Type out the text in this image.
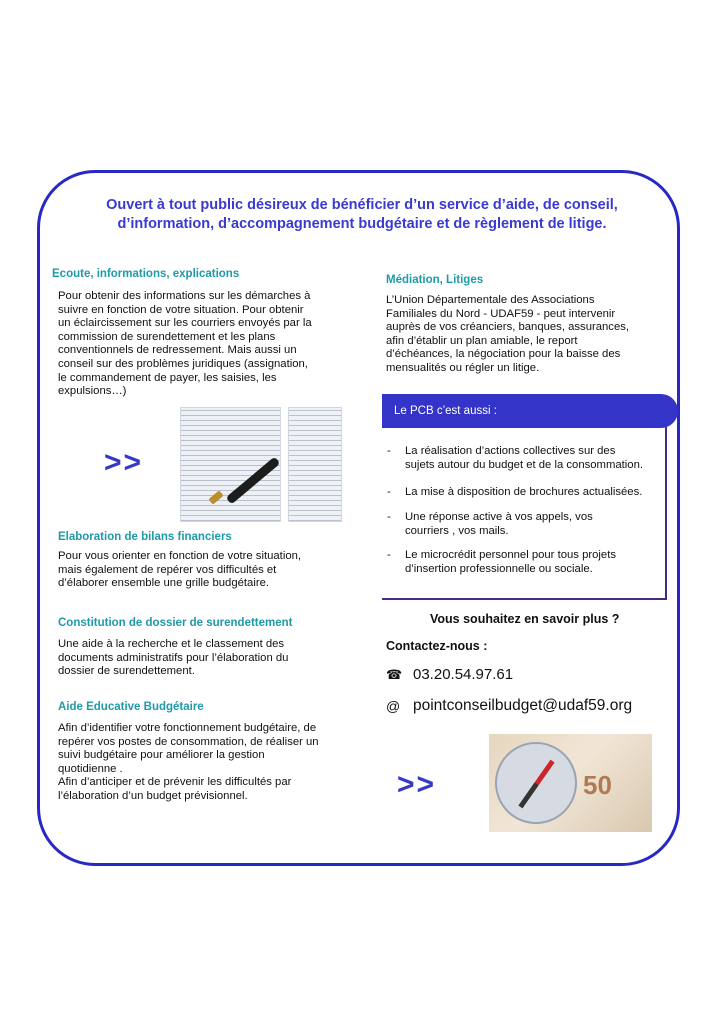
Ouvert à tout public désireux de bénéficier d’un service d’aide, de conseil,
d’information, d’accompagnement budgétaire et de règlement de litige.
Ecoute, informations, explications
Pour obtenir des informations sur les démarches à
suivre en fonction de votre situation. Pour obtenir
un éclaircissement sur les courriers envoyés par la
commission de surendettement et les plans
conventionnels de redressement. Mais aussi un
conseil sur des problèmes juridiques (assignation,
le commandement de payer, les saisies, les
expulsions…)
>>
Elaboration de bilans financiers
Pour vous orienter en fonction de votre situation,
mais également de repérer vos difficultés et
d’élaborer ensemble une grille budgétaire.
Constitution de dossier de surendettement
Une aide à la recherche et le classement des
documents administratifs pour l’élaboration du
dossier de surendettement.
Aide Educative Budgétaire
Afin d’identifier votre fonctionnement budgétaire, de
repérer vos postes de consommation, de réaliser un
suivi budgétaire pour améliorer la gestion
quotidienne .
Afin d’anticiper et de prévenir les difficultés par
l’élaboration d’un budget prévisionnel.
Médiation, Litiges
L’Union Départementale des Associations
Familiales du Nord - UDAF59 - peut intervenir
auprès de vos créanciers, banques, assurances,
afin d’établir un plan amiable, le report
d’échéances, la négociation pour la baisse des
mensualités ou régler un litige.
Le PCB c’est aussi :
-	La réalisation d’actions collectives sur des
sujets autour du budget et de la consommation.
-	La mise à disposition de brochures actualisées.
-	Une réponse active à vos appels, vos
courriers , vos mails.
-	Le microcrédit personnel pour tous projets
d’insertion professionnelle ou sociale.
Vous souhaitez en savoir plus ?
Contactez-nous :
☎ 03.20.54.97.61
@ pointconseilbudget@udaf59.org
>>	50
